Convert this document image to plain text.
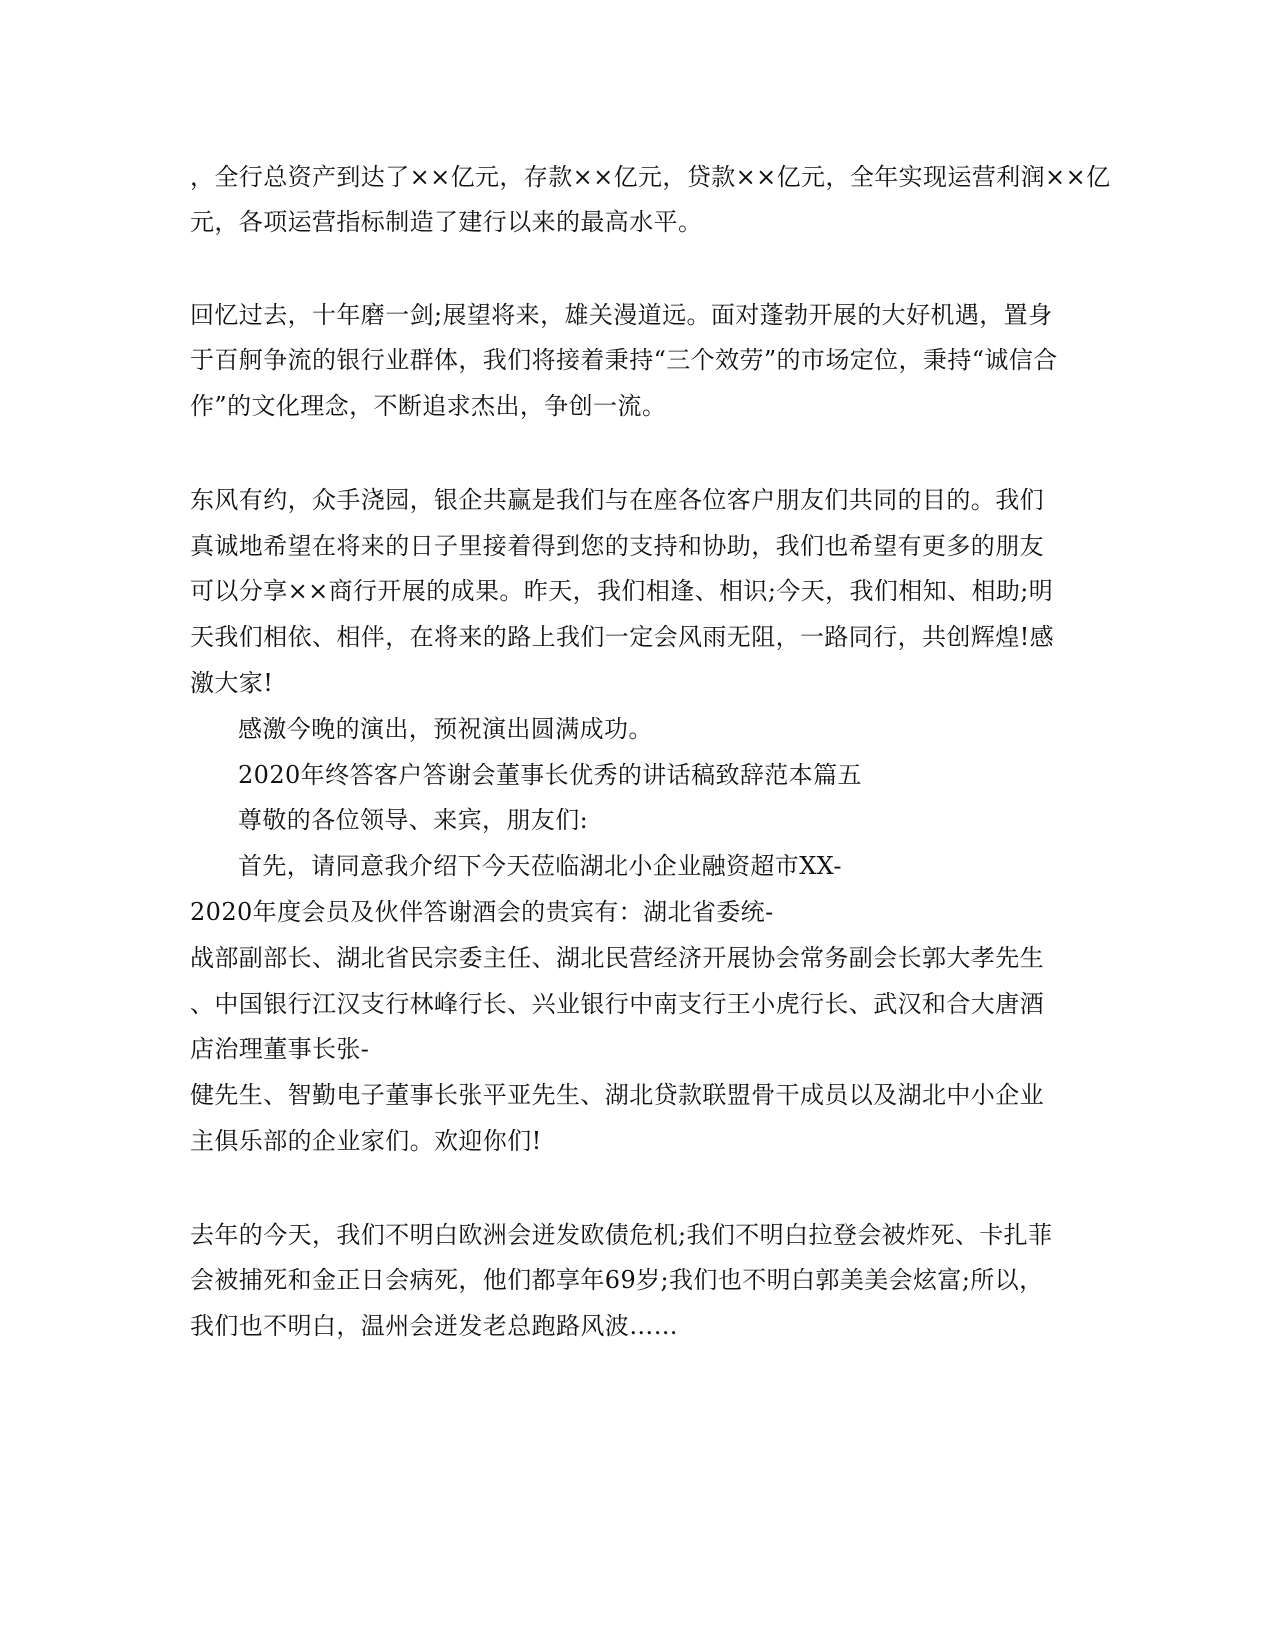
，全行总资产到达了××亿元，存款××亿元，贷款××亿元，全年实现运营利润××亿
元，各项运营指标制造了建行以来的最高水平。
回忆过去，十年磨一剑;展望将来，雄关漫道远。面对蓬勃开展的大好机遇，置身
于百舸争流的银行业群体，我们将接着秉持“三个效劳”的市场定位，秉持“诚信合
作”的文化理念，不断追求杰出，争创一流。
东风有约，众手浇园，银企共赢是我们与在座各位客户朋友们共同的目的。我们
真诚地希望在将来的日子里接着得到您的支持和协助，我们也希望有更多的朋友
可以分享××商行开展的成果。昨天，我们相逢、相识;今天，我们相知、相助;明
天我们相依、相伴，在将来的路上我们一定会风雨无阻，一路同行，共创辉煌!感
激大家!
感激今晚的演出，预祝演出圆满成功。
2020年终答客户答谢会董事长优秀的讲话稿致辞范本篇五
尊敬的各位领导、来宾，朋友们:
首先，请同意我介绍下今天莅临湖北小企业融资超市XX-
2020年度会员及伙伴答谢酒会的贵宾有：湖北省委统-
战部副部长、湖北省民宗委主任、湖北民营经济开展协会常务副会长郭大孝先生
、中国银行江汉支行林峰行长、兴业银行中南支行王小虎行长、武汉和合大唐酒
店治理董事长张-
健先生、智勤电子董事长张平亚先生、湖北贷款联盟骨干成员以及湖北中小企业
主俱乐部的企业家们。欢迎你们!
去年的今天，我们不明白欧洲会迸发欧债危机;我们不明白拉登会被炸死、卡扎菲
会被捕死和金正日会病死，他们都享年69岁;我们也不明白郭美美会炫富;所以，
我们也不明白，温州会迸发老总跑路风波……
